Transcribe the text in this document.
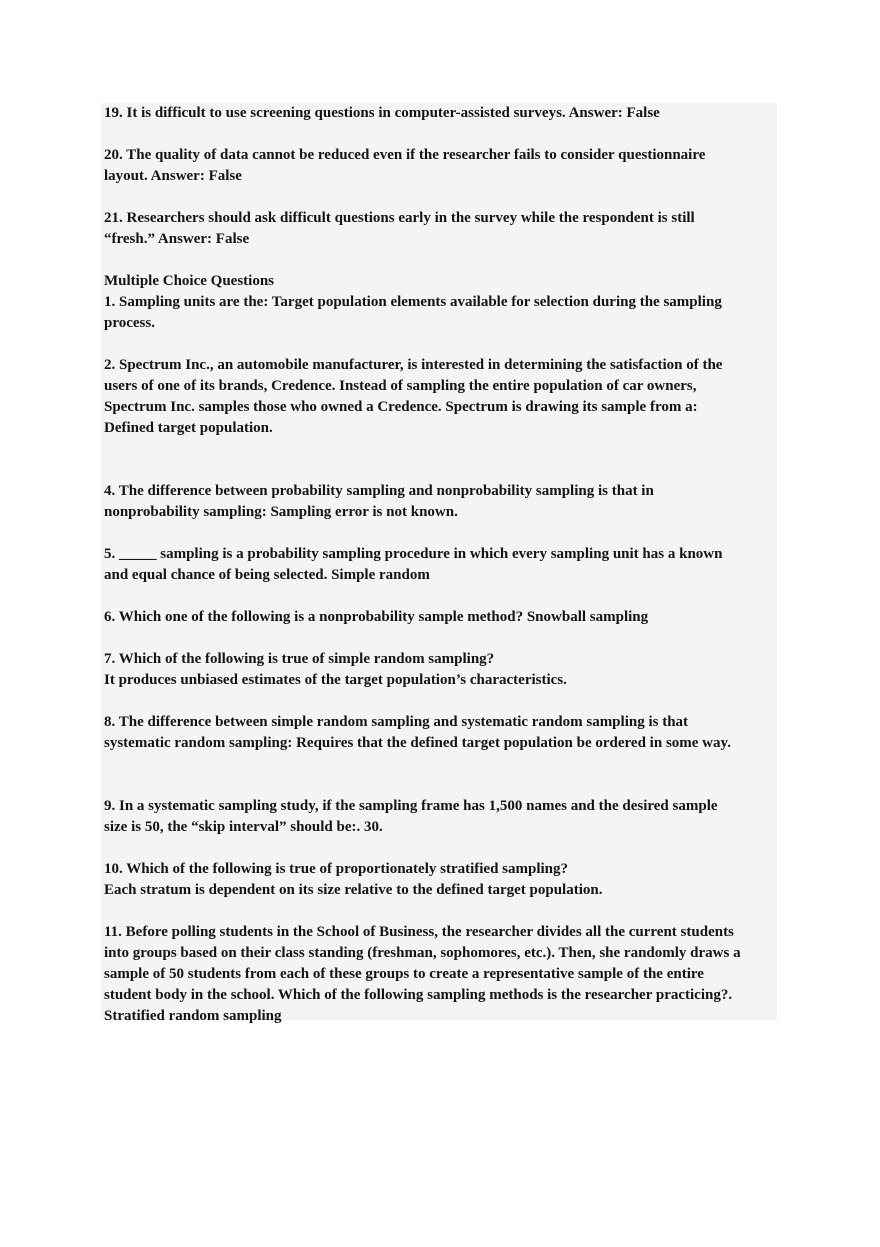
19. It is difficult to use screening questions in computer-assisted surveys. Answer: False

20. The quality of data cannot be reduced even if the researcher fails to consider questionnaire
layout. Answer: False

21. Researchers should ask difficult questions early in the survey while the respondent is still
“fresh.” Answer: False

Multiple Choice Questions

1. Sampling units are the: Target population elements available for selection during the sampling
process.

2. Spectrum Inc., an automobile manufacturer, is interested in determining the satisfaction of the
users of one of its brands, Credence. Instead of sampling the entire population of car owners,
Spectrum Inc. samples those who owned a Credence. Spectrum is drawing its sample from a:
Defined target population.

4. The difference between probability sampling and nonprobability sampling is that in
nonprobability sampling: Sampling error is not known.

5. _____ sampling is a probability sampling procedure in which every sampling unit has a known
and equal chance of being selected. Simple random

6. Which one of the following is a nonprobability sample method? Snowball sampling

7. Which of the following is true of simple random sampling?
It produces unbiased estimates of the target population’s characteristics.

8. The difference between simple random sampling and systematic random sampling is that
systematic random sampling: Requires that the defined target population be ordered in some way.

9. In a systematic sampling study, if the sampling frame has 1,500 names and the desired sample
size is 50, the “skip interval” should be:. 30.

10. Which of the following is true of proportionately stratified sampling?
Each stratum is dependent on its size relative to the defined target population.

11. Before polling students in the School of Business, the researcher divides all the current students
into groups based on their class standing (freshman, sophomores, etc.). Then, she randomly draws a
sample of 50 students from each of these groups to create a representative sample of the entire
student body in the school. Which of the following sampling methods is the researcher practicing?.
Stratified random sampling
